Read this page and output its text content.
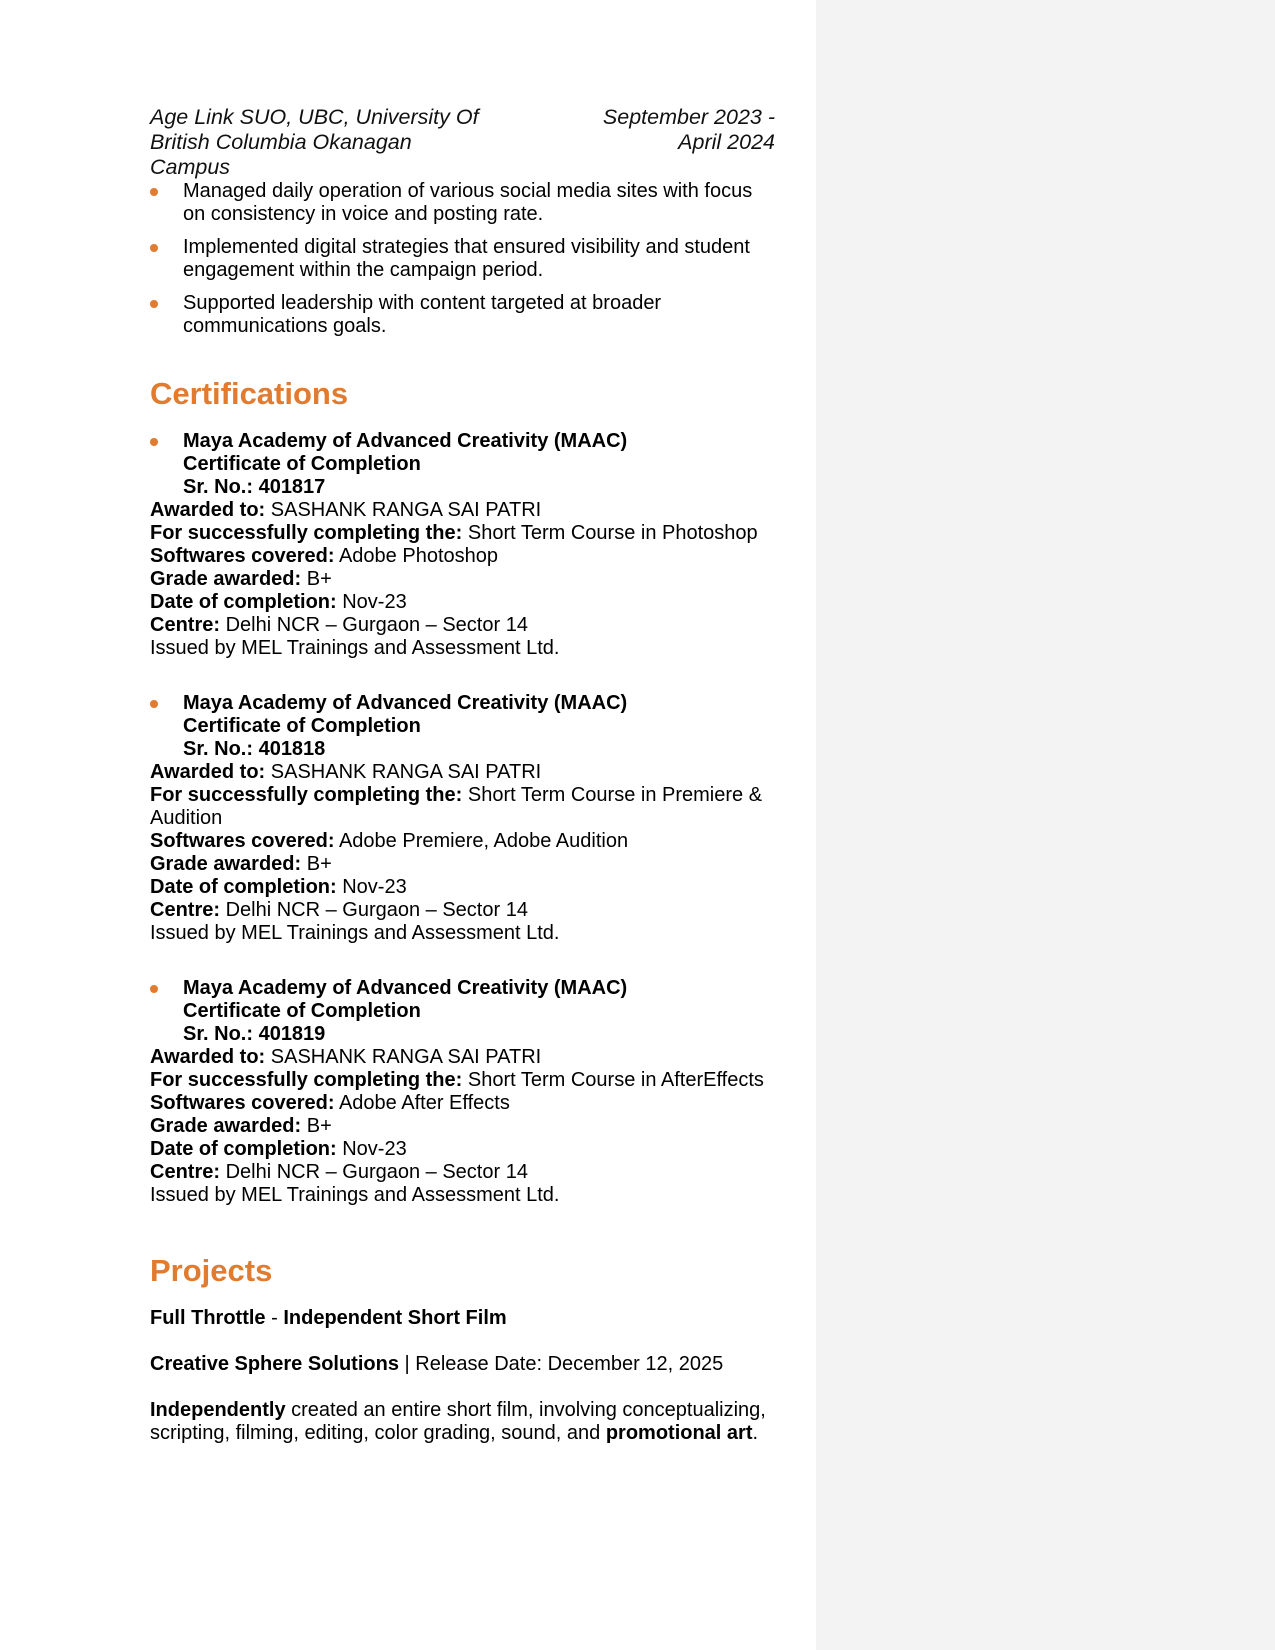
Age Link SUO, UBC, University Of British Columbia Okanagan Campus
September 2023 -
April 2024
Managed daily operation of various social media sites with focus on consistency in voice and posting rate.
Implemented digital strategies that ensured visibility and student engagement within the campaign period.
Supported leadership with content targeted at broader communications goals.
Certifications
Maya Academy of Advanced Creativity (MAAC)
Certificate of Completion
Sr. No.: 401817
Awarded to: SASHANK RANGA SAI PATRI
For successfully completing the: Short Term Course in Photoshop
Softwares covered: Adobe Photoshop
Grade awarded: B+
Date of completion: Nov-23
Centre: Delhi NCR – Gurgaon – Sector 14
Issued by MEL Trainings and Assessment Ltd.
Maya Academy of Advanced Creativity (MAAC)
Certificate of Completion
Sr. No.: 401818
Awarded to: SASHANK RANGA SAI PATRI
For successfully completing the: Short Term Course in Premiere & Audition
Softwares covered: Adobe Premiere, Adobe Audition
Grade awarded: B+
Date of completion: Nov-23
Centre: Delhi NCR – Gurgaon – Sector 14
Issued by MEL Trainings and Assessment Ltd.
Maya Academy of Advanced Creativity (MAAC)
Certificate of Completion
Sr. No.: 401819
Awarded to: SASHANK RANGA SAI PATRI
For successfully completing the: Short Term Course in AfterEffects
Softwares covered: Adobe After Effects
Grade awarded: B+
Date of completion: Nov-23
Centre: Delhi NCR – Gurgaon – Sector 14
Issued by MEL Trainings and Assessment Ltd.
Projects
Full Throttle - Independent Short Film
Creative Sphere Solutions | Release Date: December 12, 2025
Independently created an entire short film, involving conceptualizing, scripting, filming, editing, color grading, sound, and promotional art.
